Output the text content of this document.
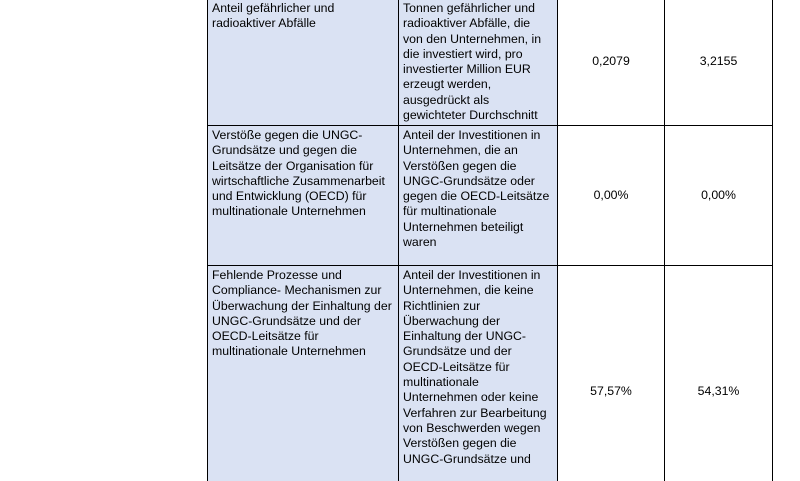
Anteil gefährlicher und radioaktiver Abfälle	Tonnen gefährlicher und radioaktiver Abfälle, die von den Unternehmen, in die investiert wird, pro investierter Million EUR erzeugt werden, ausgedrückt als gewichteter Durchschnitt	0,2079	3,2155
Verstöße gegen die UNGC-Grundsätze und gegen die Leitsätze der Organisation für wirtschaftliche Zusammenarbeit und Entwicklung (OECD) für multinationale Unternehmen	Anteil der Investitionen in Unternehmen, die an Verstößen gegen die UNGC-Grundsätze oder gegen die OECD-Leitsätze für multinationale Unternehmen beteiligt waren	0,00%	0,00%
Fehlende Prozesse und Compliance- Mechanismen zur Überwachung der Einhaltung der UNGC-Grundsätze und der OECD-Leitsätze für multinationale Unternehmen	Anteil der Investitionen in Unternehmen, die keine Richtlinien zur Überwachung der Einhaltung der UNGC-Grundsätze und der OECD-Leitsätze für multinationale Unternehmen oder keine Verfahren zur Bearbeitung von Beschwerden wegen Verstößen gegen die UNGC-Grundsätze und	57,57%	54,31%
